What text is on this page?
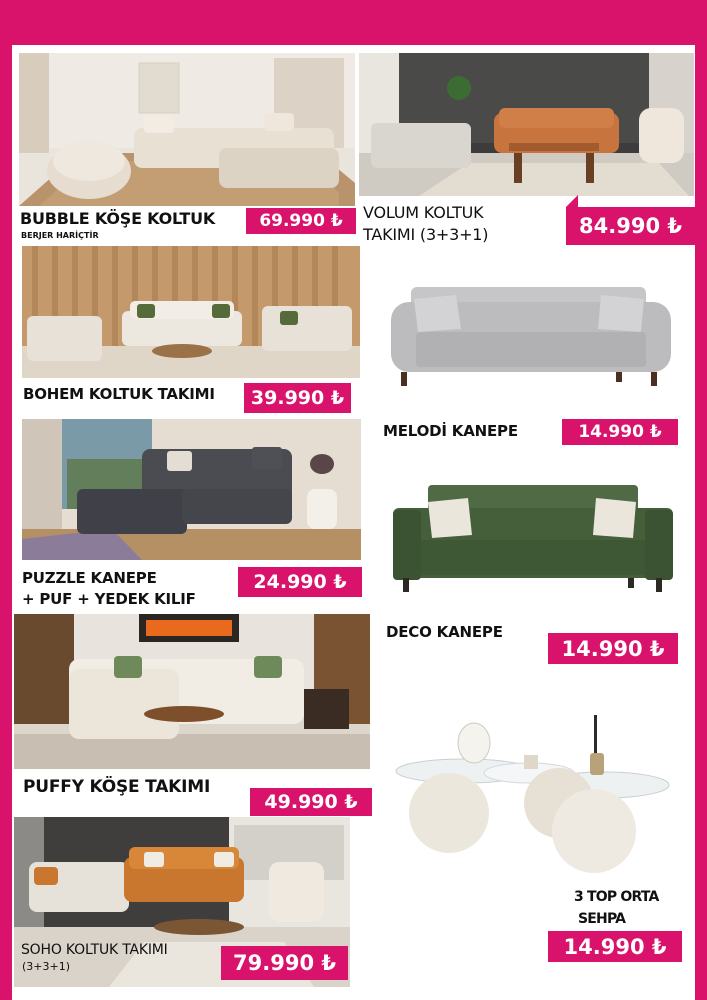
BUBBLE KÖŞE KOLTUK
BERJER HARİÇTİR
69.990 ₺	VOLUM KOLTUK
TAKIMI (3+3+1)	84.990 ₺
BOHEM KOLTUK TAKIMI	39.990 ₺
MELODİ KANEPE	14.990 ₺
PUZZLE KANEPE
+ PUF + YEDEK KILIF
24.990 ₺
DECO KANEPE
14.990 ₺
PUFFY KÖŞE TAKIMI
49.990 ₺
3 TOP ORTA
SEHPA
14.990 ₺
SOHO KOLTUK TAKIMI
(3+3+1)	79.990 ₺
